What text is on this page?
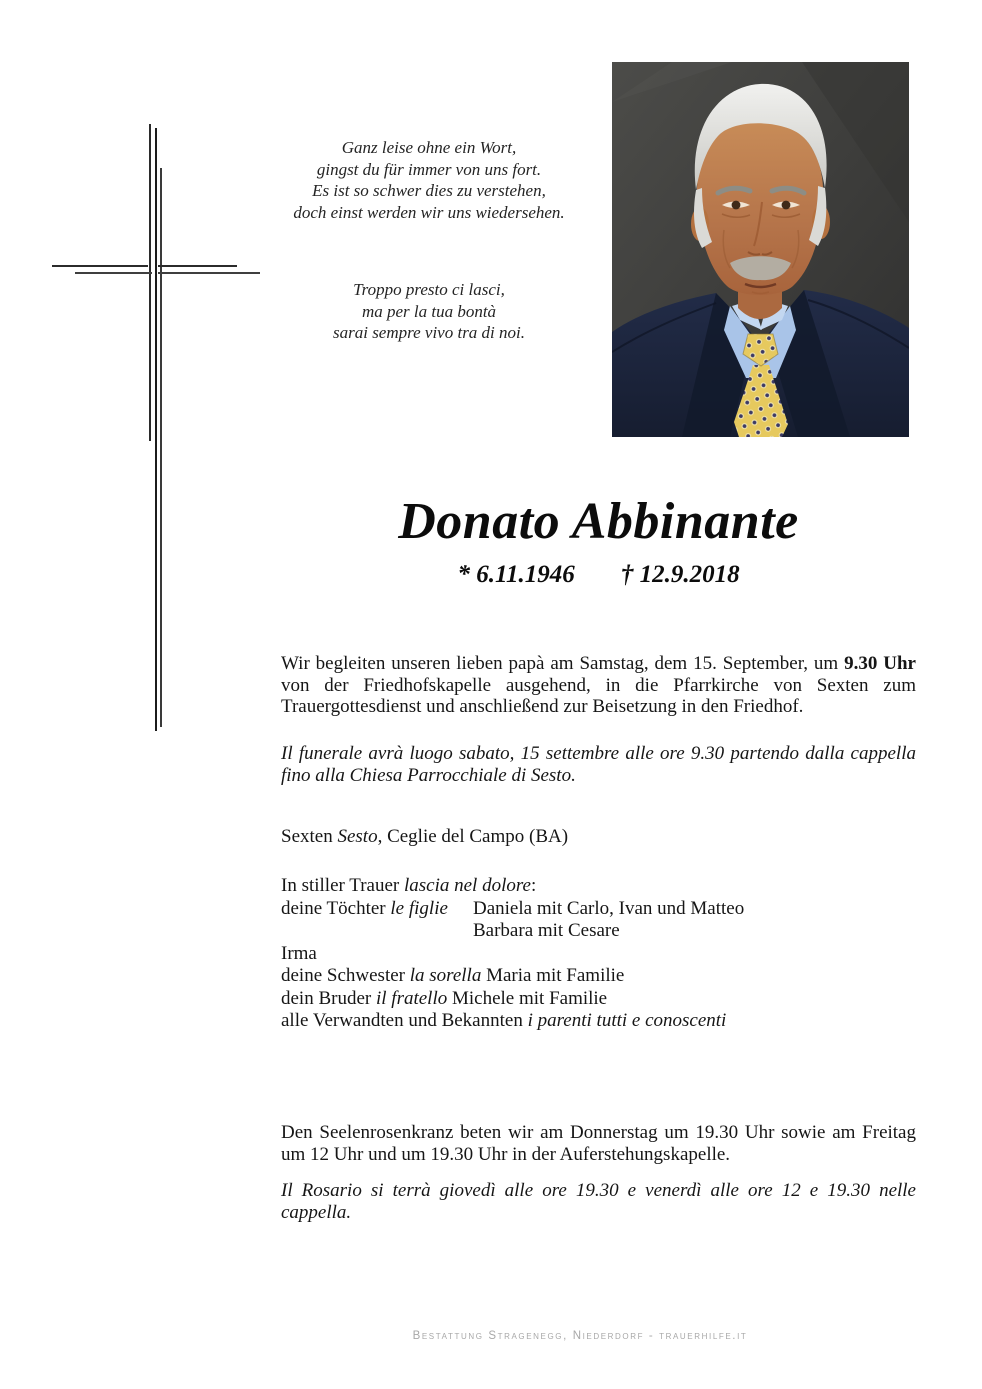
Ganz leise ohne ein Wort,
gingst du für immer von uns fort.
Es ist so schwer dies zu verstehen,
doch einst werden wir uns wiedersehen.
Troppo presto ci lasci,
ma per la tua bontà
sarai sempre vivo tra di noi.
Donato Abbinante
* 6.11.1946 † 12.9.2018

Wir begleiten unseren lieben papà am Samstag, dem 15. September, um 9.30 Uhr von der Friedhofskapelle ausgehend, in die Pfarrkirche von Sexten zum Trauergottesdienst und anschließend zur Beisetzung in den Friedhof.

Il funerale avrà luogo sabato, 15 settembre alle ore 9.30 partendo dalla cappella fino alla Chiesa Parrocchiale di Sesto.

Sexten Sesto, Ceglie del Campo (BA)

In stiller Trauer lascia nel dolore:
deine Töchter le figlie	Daniela mit Carlo, Ivan und Matteo
Barbara mit Cesare
Irma
deine Schwester la sorella Maria mit Familie
dein Bruder il fratello Michele mit Familie
alle Verwandten und Bekannten i parenti tutti e conoscenti

Den Seelenrosenkranz beten wir am Donnerstag um 19.30 Uhr sowie am Freitag um 12 Uhr und um 19.30 Uhr in der Auferstehungskapelle.

Il Rosario si terrà giovedì alle ore 19.30 e venerdì alle ore 12 e 19.30 nelle cappella.

Bestattung Stragenegg, Niederdorf - trauerhilfe.it
